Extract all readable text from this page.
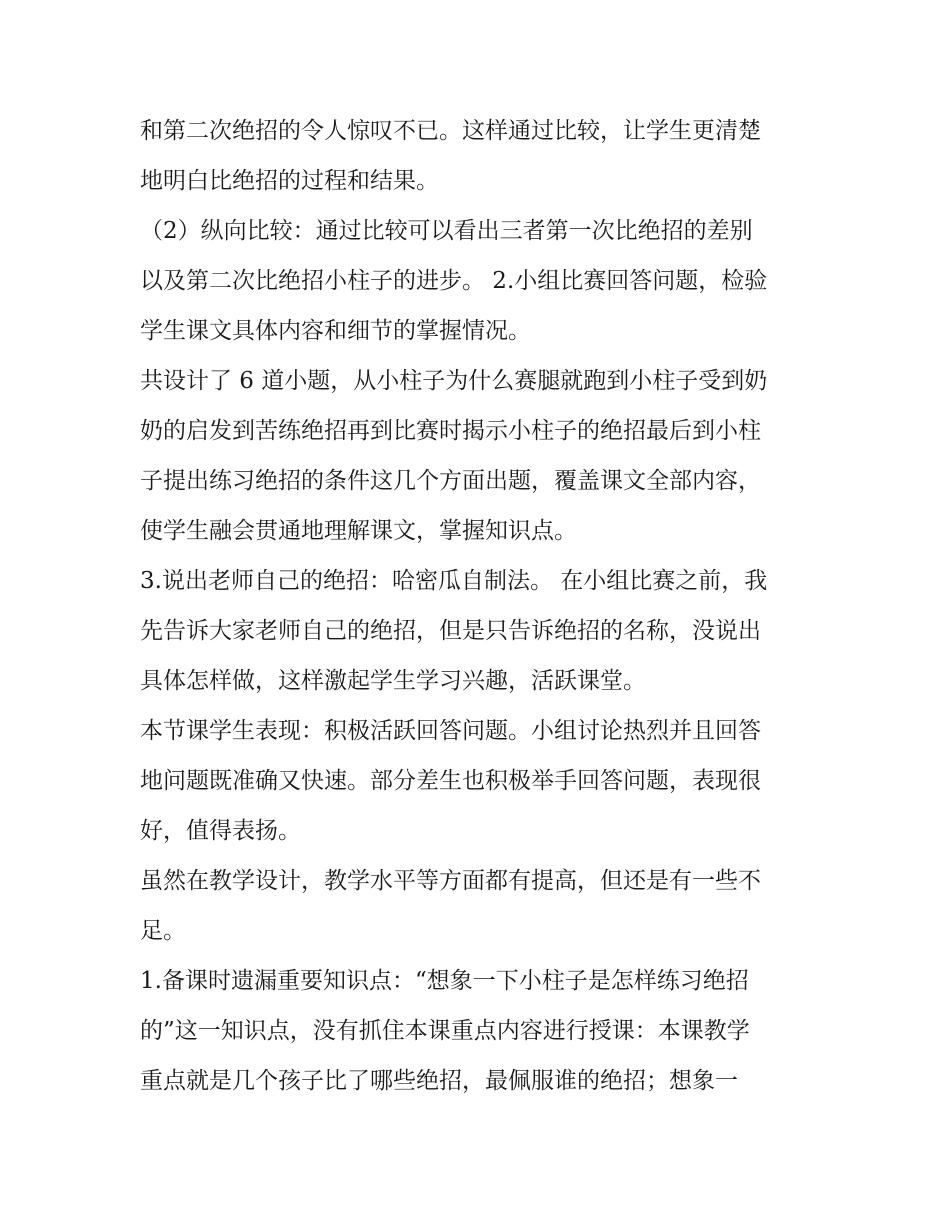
和第二次绝招的令人惊叹不已。这样通过比较，让学生更清楚
地明白比绝招的过程和结果。
（2）纵向比较：通过比较可以看出三者第一次比绝招的差别
以及第二次比绝招小柱子的进步。 2.小组比赛回答问题，检验
学生课文具体内容和细节的掌握情况。
共设计了 6 道小题，从小柱子为什么赛腿就跑到小柱子受到奶
奶的启发到苦练绝招再到比赛时揭示小柱子的绝招最后到小柱
子提出练习绝招的条件这几个方面出题，覆盖课文全部内容，
使学生融会贯通地理解课文，掌握知识点。
3.说出老师自己的绝招：哈密瓜自制法。 在小组比赛之前，我
先告诉大家老师自己的绝招，但是只告诉绝招的名称，没说出
具体怎样做，这样激起学生学习兴趣，活跃课堂。
本节课学生表现：积极活跃回答问题。小组讨论热烈并且回答
地问题既准确又快速。部分差生也积极举手回答问题，表现很
好，值得表扬。
虽然在教学设计，教学水平等方面都有提高，但还是有一些不
足。
1.备课时遗漏重要知识点：“想象一下小柱子是怎样练习绝招
的”这一知识点，没有抓住本课重点内容进行授课：本课教学
重点就是几个孩子比了哪些绝招，最佩服谁的绝招；想象一
